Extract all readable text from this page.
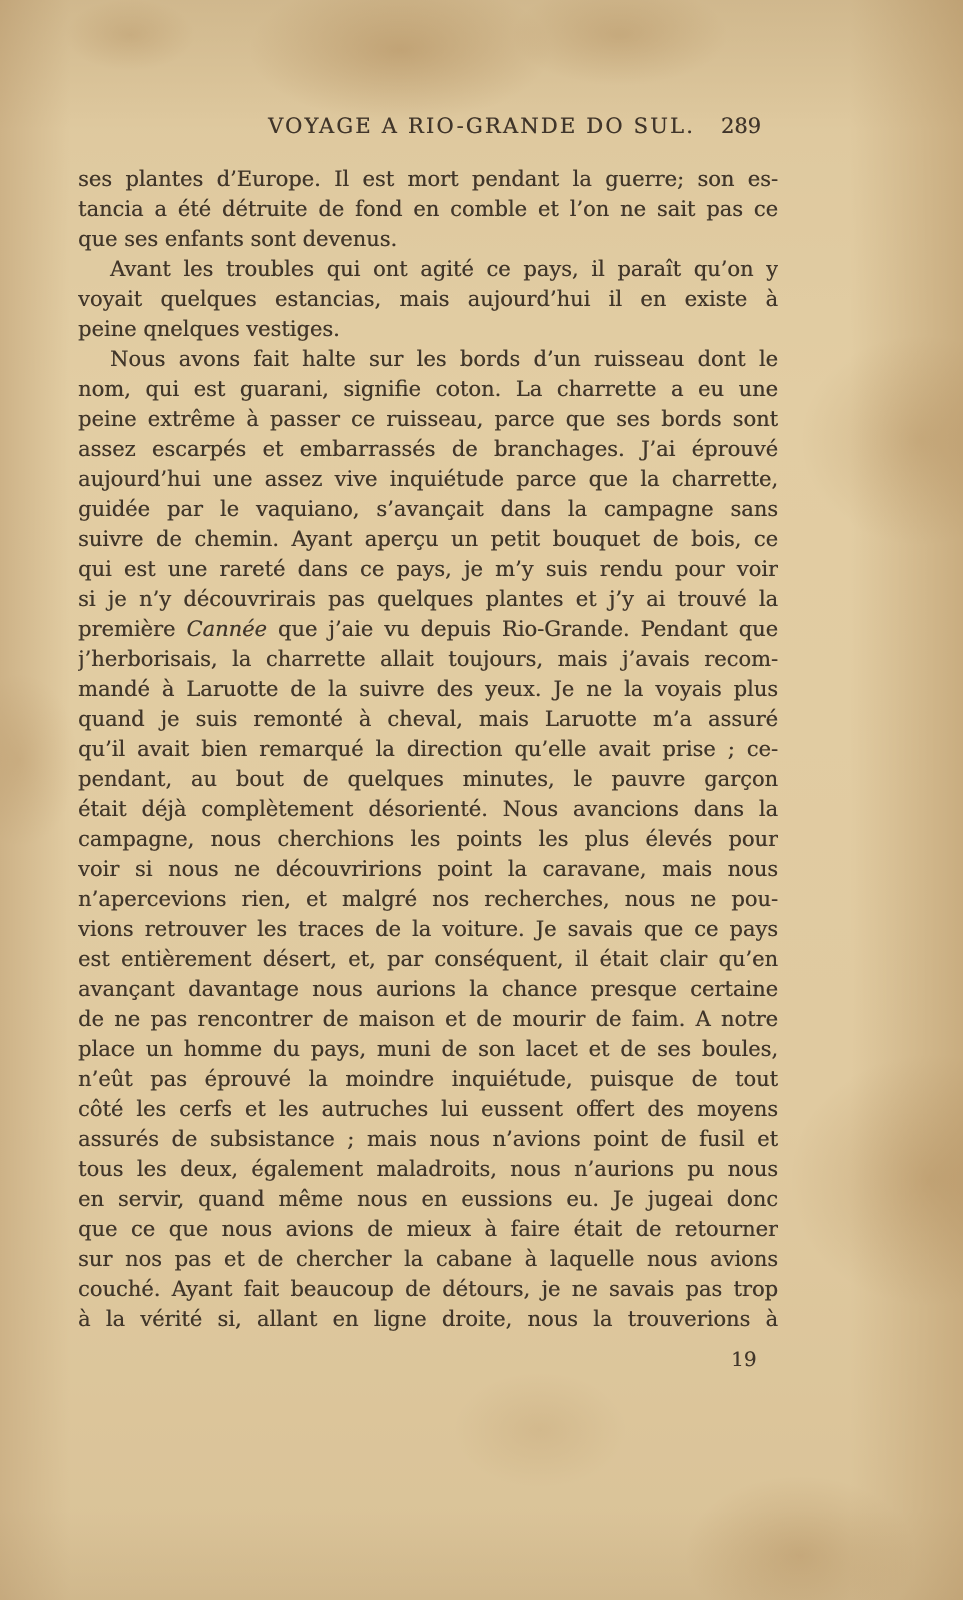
VOYAGE A RIO-GRANDE DO SUL.	289
ses plantes d’Europe. Il est mort pendant la guerre; son es-
tancia a été détruite de fond en comble et l’on ne sait pas ce
que ses enfants sont devenus.
Avant les troubles qui ont agité ce pays, il paraît qu’on y
voyait quelques estancias, mais aujourd’hui il en existe à
peine qnelques vestiges.
Nous avons fait halte sur les bords d’un ruisseau dont le
nom, qui est guarani, signifie coton. La charrette a eu une
peine extrême à passer ce ruisseau, parce que ses bords sont
assez escarpés et embarrassés de branchages. J’ai éprouvé
aujourd’hui une assez vive inquiétude parce que la charrette,
guidée par le vaquiano, s’avançait dans la campagne sans
suivre de chemin. Ayant aperçu un petit bouquet de bois, ce
qui est une rareté dans ce pays, je m’y suis rendu pour voir
si je n’y découvrirais pas quelques plantes et j’y ai trouvé la
première Cannée que j’aie vu depuis Rio-Grande. Pendant que
j’herborisais, la charrette allait toujours, mais j’avais recom-
mandé à Laruotte de la suivre des yeux. Je ne la voyais plus
quand je suis remonté à cheval, mais Laruotte m’a assuré
qu’il avait bien remarqué la direction qu’elle avait prise ; ce-
pendant, au bout de quelques minutes, le pauvre garçon
était déjà complètement désorienté. Nous avancions dans la
campagne, nous cherchions les points les plus élevés pour
voir si nous ne découvririons point la caravane, mais nous
n’apercevions rien, et malgré nos recherches, nous ne pou-
vions retrouver les traces de la voiture. Je savais que ce pays
est entièrement désert, et, par conséquent, il était clair qu’en
avançant davantage nous aurions la chance presque certaine
de ne pas rencontrer de maison et de mourir de faim. A notre
place un homme du pays, muni de son lacet et de ses boules,
n’eût pas éprouvé la moindre inquiétude, puisque de tout
côté les cerfs et les autruches lui eussent offert des moyens
assurés de subsistance ; mais nous n’avions point de fusil et
tous les deux, également maladroits, nous n’aurions pu nous
en servir, quand même nous en eussions eu. Je jugeai donc
que ce que nous avions de mieux à faire était de retourner
sur nos pas et de chercher la cabane à laquelle nous avions
couché. Ayant fait beaucoup de détours, je ne savais pas trop
à la vérité si, allant en ligne droite, nous la trouverions à
19
